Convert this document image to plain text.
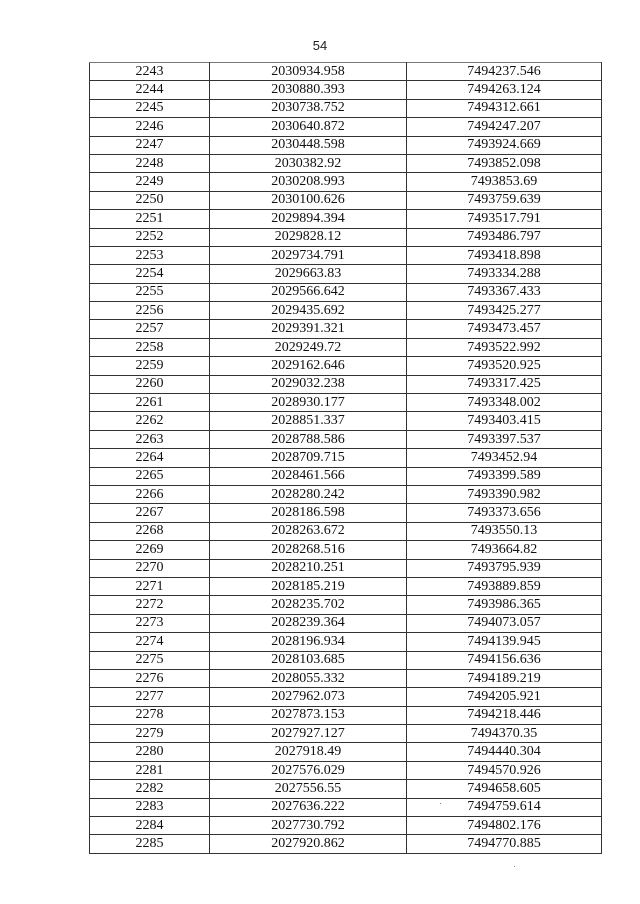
54
2243	2030934.958	7494237.546
2244	2030880.393	7494263.124
2245	2030738.752	7494312.661
2246	2030640.872	7494247.207
2247	2030448.598	7493924.669
2248	2030382.92	7493852.098
2249	2030208.993	7493853.69
2250	2030100.626	7493759.639
2251	2029894.394	7493517.791
2252	2029828.12	7493486.797
2253	2029734.791	7493418.898
2254	2029663.83	7493334.288
2255	2029566.642	7493367.433
2256	2029435.692	7493425.277
2257	2029391.321	7493473.457
2258	2029249.72	7493522.992
2259	2029162.646	7493520.925
2260	2029032.238	7493317.425
2261	2028930.177	7493348.002
2262	2028851.337	7493403.415
2263	2028788.586	7493397.537
2264	2028709.715	7493452.94
2265	2028461.566	7493399.589
2266	2028280.242	7493390.982
2267	2028186.598	7493373.656
2268	2028263.672	7493550.13
2269	2028268.516	7493664.82
2270	2028210.251	7493795.939
2271	2028185.219	7493889.859
2272	2028235.702	7493986.365
2273	2028239.364	7494073.057
2274	2028196.934	7494139.945
2275	2028103.685	7494156.636
2276	2028055.332	7494189.219
2277	2027962.073	7494205.921
2278	2027873.153	7494218.446
2279	2027927.127	7494370.35
2280	2027918.49	7494440.304
2281	2027576.029	7494570.926
2282	2027556.55	7494658.605
2283	2027636.222	7494759.614
2284	2027730.792	7494802.176
2285	2027920.862	7494770.885
